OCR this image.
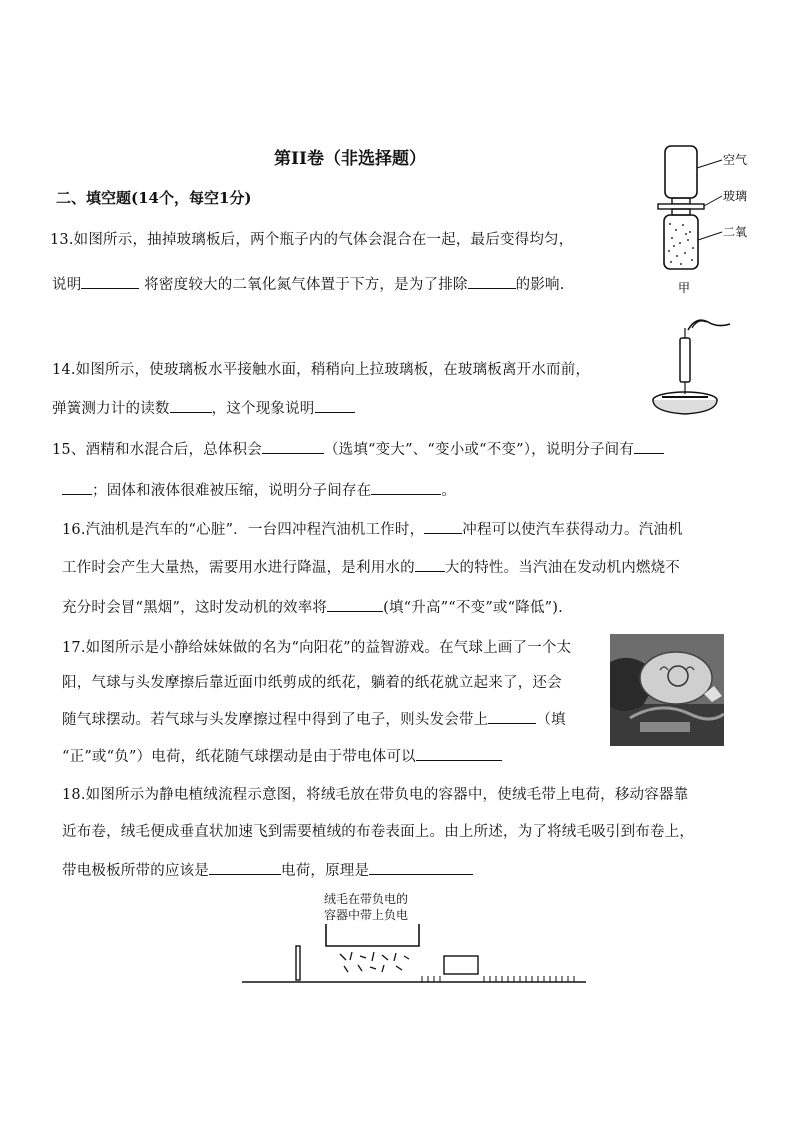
第II卷（非选择题）
二、填空题(14个，每空1分)
13.如图所示，抽掉玻璃板后，两个瓶子内的气体会混合在一起，最后变得均匀，
说明	将密度较大的二氧化氮气体置于下方，是为了排除	的影响.
空气
玻璃
二氧
甲
14.如图所示，使玻璃板水平接触水面，稍稍向上拉玻璃板，在玻璃板离开水而前，
弹簧测力计的读数	，这个现象说明
15、酒精和水混合后，总体积会	（选填“变大”、“变小或“不变”），说明分子间有
；固体和液体很难被压缩，说明分子间存在	。
16.汽油机是汽车的“心脏”．一台四冲程汽油机工作时，	冲程可以使汽车获得动力。汽油机
工作时会产生大量热，需要用水进行降温，是利用水的 大的特性。当汽油在发动机内燃烧不
充分时会冒“黑烟”，这时发动机的效率将	(填“升高”“不变”或“降低”).
17.如图所示是小静给妹妹做的名为“向阳花”的益智游戏。在气球上画了一个太
阳，气球与头发摩擦后靠近面巾纸剪成的纸花，躺着的纸花就立起来了，还会
随气球摆动。若气球与头发摩擦过程中得到了电子，则头发会带上	（填
“正”或“负”）电荷，纸花随气球摆动是由于带电体可以
18.如图所示为静电植绒流程示意图，将绒毛放在带负电的容器中，使绒毛带上电荷，移动容器靠
近布卷，绒毛便成垂直状加速飞到需要植绒的布卷表面上。由上所述，为了将绒毛吸引到布卷上，
带电极板所带的应该是	电荷，原理是
绒毛在带负电的
容器中带上负电
